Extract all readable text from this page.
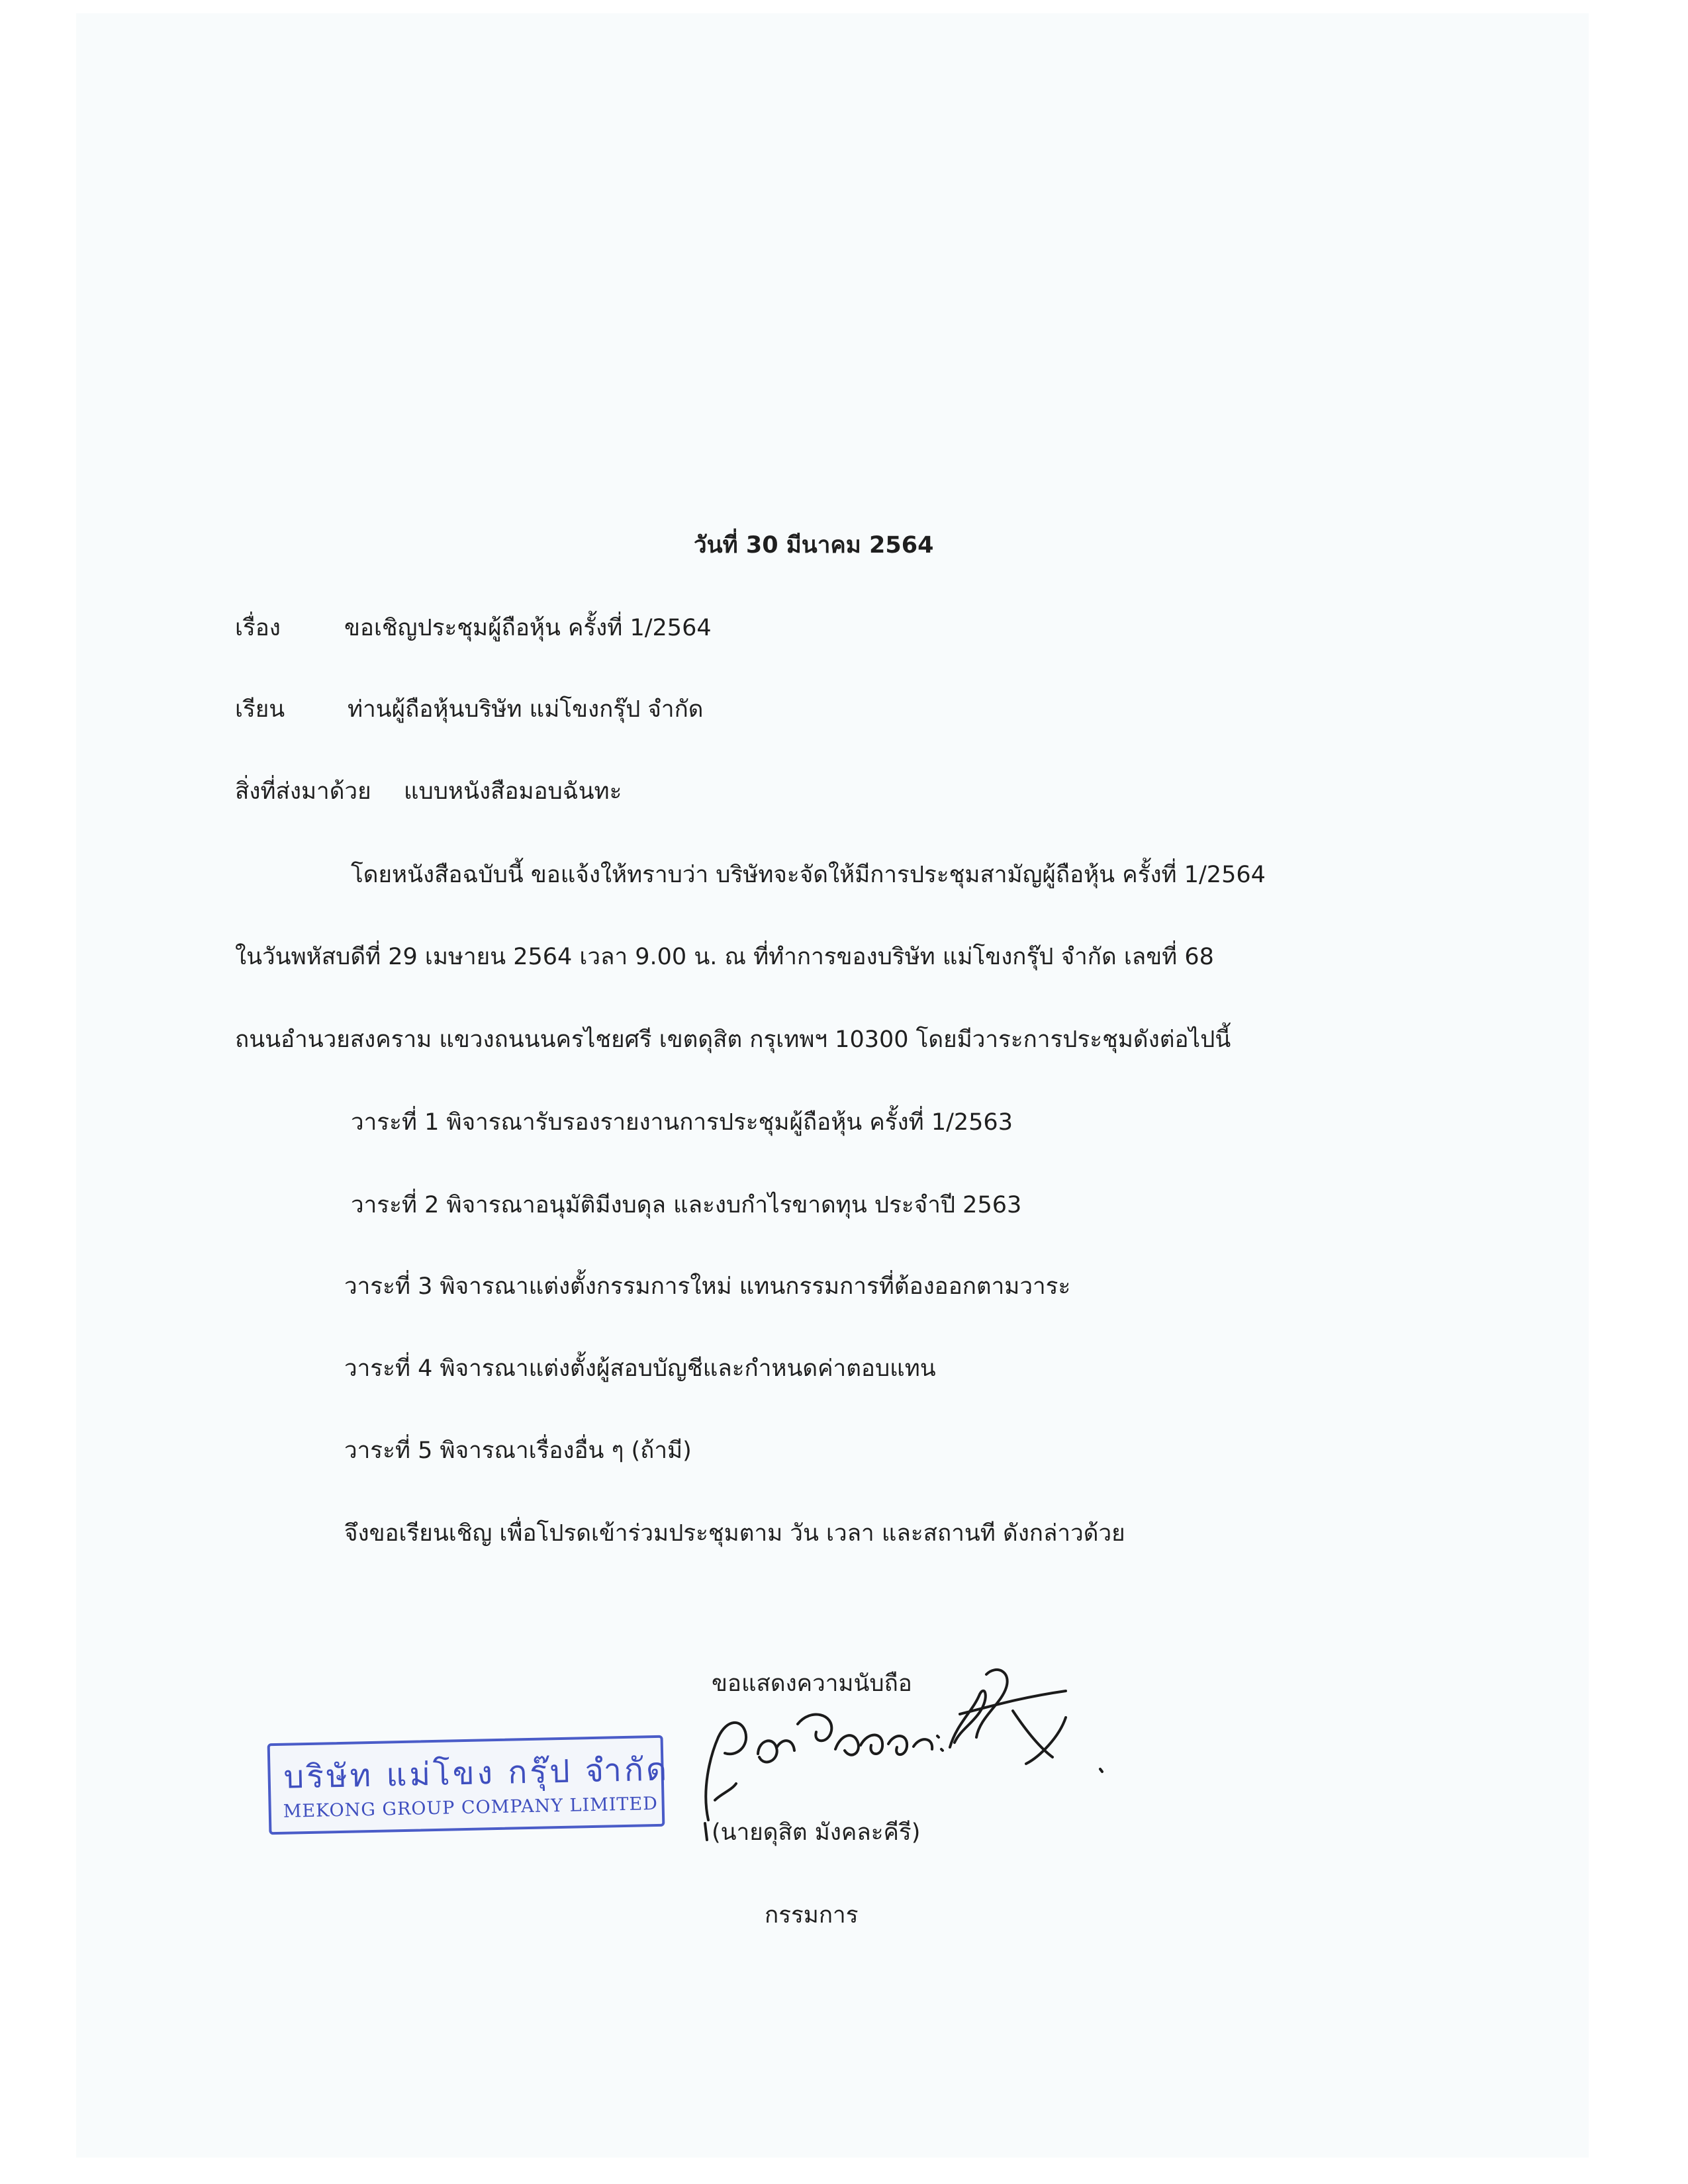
วันที่ 30 มีนาคม 2564
เรื่อง	ขอเชิญประชุมผู้ถือหุ้น ครั้งที่ 1/2564
เรียน	ท่านผู้ถือหุ้นบริษัท แม่โขงกรุ๊ป จำกัด
สิ่งที่ส่งมาด้วย แบบหนังสือมอบฉันทะ
โดยหนังสือฉบับนี้ ขอแจ้งให้ทราบว่า บริษัทจะจัดให้มีการประชุมสามัญผู้ถือหุ้น ครั้งที่ 1/2564
ในวันพหัสบดีที่ 29 เมษายน 2564 เวลา 9.00 น. ณ ที่ทำการของบริษัท แม่โขงกรุ๊ป จำกัด เลขที่ 68
ถนนอำนวยสงคราม แขวงถนนนครไชยศรี เขตดุสิต กรุเทพฯ 10300 โดยมีวาระการประชุมดังต่อไปนี้
วาระที่ 1 พิจารณารับรองรายงานการประชุมผู้ถือหุ้น ครั้งที่ 1/2563
วาระที่ 2 พิจารณาอนุมัติมีงบดุล และงบกำไรขาดทุน ประจำปี 2563
วาระที่ 3 พิจารณาแต่งตั้งกรรมการใหม่ แทนกรรมการที่ต้องออกตามวาระ
วาระที่ 4 พิจารณาแต่งตั้งผู้สอบบัญชีและกำหนดค่าตอบแทน
วาระที่ 5 พิจารณาเรื่องอื่น ๆ (ถ้ามี)
จึงขอเรียนเชิญ เพื่อโปรดเข้าร่วมประชุมตาม วัน เวลา และสถานที ดังกล่าวด้วย
ขอแสดงความนับถือ
(นายดุสิต มังคละคีรี)
กรรมการ
บริษัท แม่โขง กรุ๊ป จำกัด
MEKONG GROUP COMPANY LIMITED
